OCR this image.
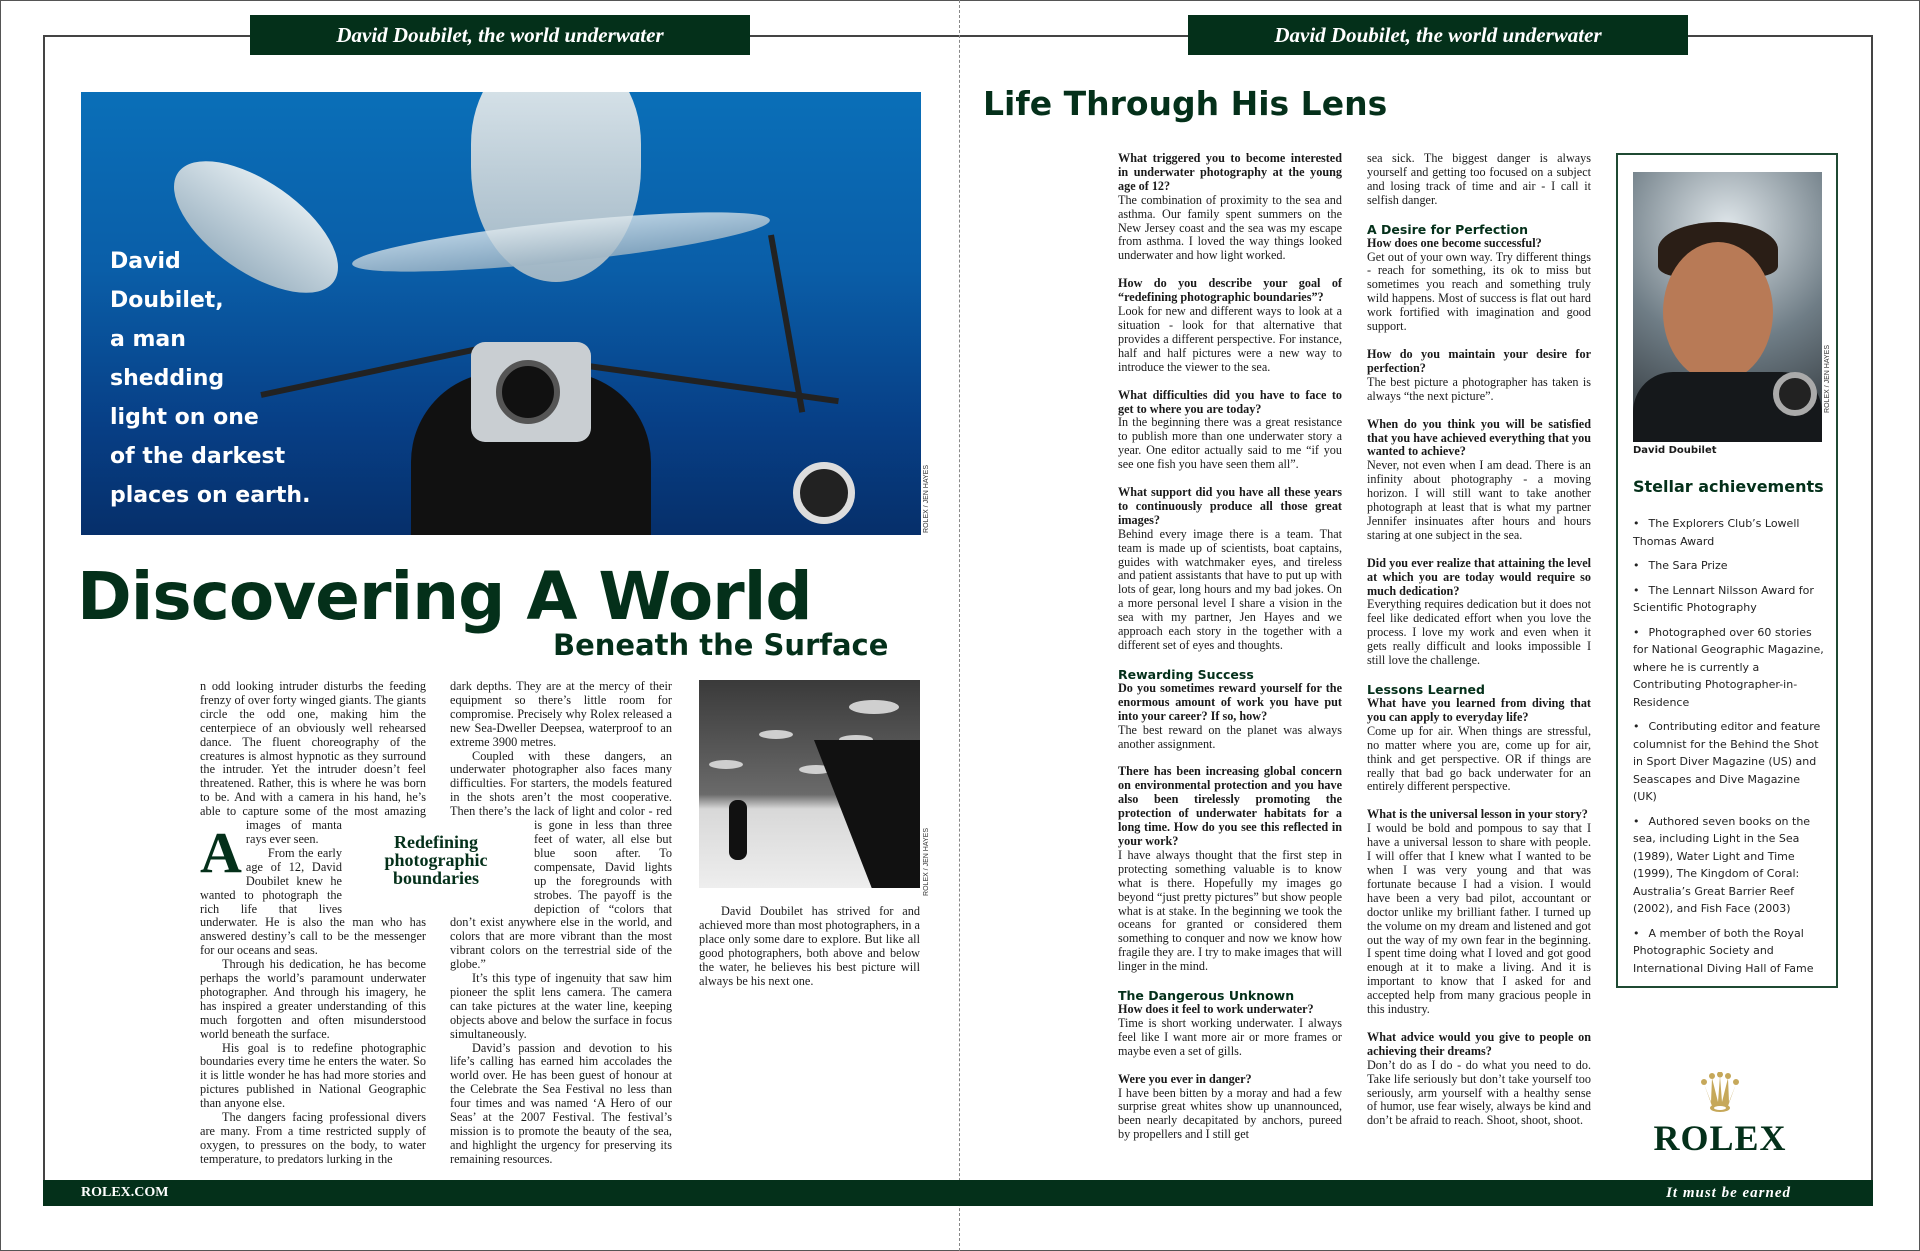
David Doubilet, the world underwater	David Doubilet, the world underwater
David
Doubilet,
a man
shedding
light on one
of the darkest
places on earth.	ROLEX / JEN HAYES
Discovering A World
Beneath the Surface

A
n odd looking intruder disturbs the feeding frenzy of over forty winged giants. The giants circle the odd one, making him the centerpiece of an obviously well rehearsed dance. The fluent choreography of the creatures is almost hypnotic as they surround the intruder. Yet the intruder doesn’t feel threatened. Rather, this is where he was born to be. And with a camera in his hand, he’s able to capture some of the most amazing images of manta rays ever seen.

From the early age of 12, David Doubilet knew he wanted to photograph the rich life that lives underwater. He is also the man who has answered destiny’s call to be the messenger for our oceans and seas.

Through his dedication, he has become perhaps the world’s paramount underwater photographer. And through his imagery, he has inspired a greater understanding of this much forgotten and often misunderstood world beneath the surface.

His goal is to redefine photographic boundaries every time he enters the water. So it is little wonder he has had more stories and pictures published in National Geographic than anyone else.

The dangers facing professional divers are many. From a time restricted supply of oxygen, to pressures on the body, to water temperature, to predators lurking in the

dark depths. They are at the mercy of their equipment so there’s little room for compromise. Precisely why Rolex released a new Sea-Dweller Deepsea, waterproof to an extreme 3900 metres.

Coupled with these dangers, an underwater photographer also faces many difficulties. For starters, the models featured in the shots aren’t the most cooperative. Then there’s the lack of light and color - red is gone in less than three feet of water, all else but blue soon after. To compensate, David lights up the foregrounds with strobes. The payoff is the depiction of “colors that don’t exist anywhere else in the world, and colors that are more vibrant than the most vibrant colors on the terrestrial side of the globe.”

It’s this type of ingenuity that saw him pioneer the split lens camera. The camera can take pictures at the water line, keeping objects above and below the surface in focus simultaneously.

David’s passion and devotion to his life’s calling has earned him accolades the world over. He has been guest of honour at the Celebrate the Sea Festival no less than four times and was named ‘A Hero of our Seas’ at the 2007 Festival. The festival’s mission is to promote the beauty of the sea, and highlight the urgency for preserving its remaining resources.

Redefining photographic boundaries	ROLEX / JEN HAYES

David Doubilet has strived for and achieved more than most photographers, in a place only some dare to explore. But like all good photographers, both above and below the water, he believes his best picture will always be his next one.

Life Through His Lens
What triggered you to become interested in underwater photography at the young age of 12?
The combination of proximity to the sea and asthma. Our family spent summers on the New Jersey coast and the sea was my escape from asthma. I loved the way things looked underwater and how light worked.
How do you describe your goal of “redefining photographic boundaries”?
Look for new and different ways to look at a situation - look for that alternative that provides a different perspective. For instance, half and half pictures were a new way to introduce the viewer to the sea.
What difficulties did you have to face to get to where you are today?
In the beginning there was a great resistance to publish more than one underwater story a year. One editor actually said to me “if you see one fish you have seen them all”.
What support did you have all these years to continuously produce all those great images?
Behind every image there is a team. That team is made up of scientists, boat captains, guides with watchmaker eyes, and tireless and patient assistants that have to put up with lots of gear, long hours and my bad jokes. On a more personal level I share a vision in the sea with my partner, Jen Hayes and we approach each story in the together with a different set of eyes and thoughts.
Rewarding Success
Do you sometimes reward yourself for the enormous amount of work you have put into your career? If so, how?
The best reward on the planet was always another assignment.
There has been increasing global concern on environmental protection and you have also been tirelessly promoting the protection of underwater habitats for a long time. How do you see this reflected in your work?
I have always thought that the first step in protecting something valuable is to know what is there. Hopefully my images go beyond “just pretty pictures” but show people what is at stake. In the beginning we took the oceans for granted or considered them something to conquer and now we know how fragile they are. I try to make images that will linger in the mind.
The Dangerous Unknown
How does it feel to work underwater?
Time is short working underwater. I always feel like I want more air or more frames or maybe even a set of gills.
Were you ever in danger?
I have been bitten by a moray and had a few surprise great whites show up unannounced, been nearly decapitated by anchors, pureed by propellers and I still get
sea sick. The biggest danger is always yourself and getting too focused on a subject and losing track of time and air - I call it selfish danger.
A Desire for Perfection
How does one become successful?
Get out of your own way. Try different things - reach for something, its ok to miss but sometimes you reach and something truly wild happens. Most of success is flat out hard work fortified with imagination and good support.
How do you maintain your desire for perfection?
The best picture a photographer has taken is always “the next picture”.
When do you think you will be satisfied that you have achieved everything that you wanted to achieve?
Never, not even when I am dead. There is an infinity about photography - a moving horizon. I will still want to take another photograph at least that is what my partner Jennifer insinuates after hours and hours staring at one subject in the sea.
Did you ever realize that attaining the level at which you are today would require so much dedication?
Everything requires dedication but it does not feel like dedicated effort when you love the process. I love my work and even when it gets really difficult and looks impossible I still love the challenge.
Lessons Learned
What have you learned from diving that you can apply to everyday life?
Come up for air. When things are stressful, no matter where you are, come up for air, think and get perspective. OR if things are really that bad go back underwater for an entirely different perspective.
What is the universal lesson in your story?
I would be bold and pompous to say that I have a universal lesson to share with people. I will offer that I knew what I wanted to be when I was very young and that was fortunate because I had a vision. I would have been a very bad pilot, accountant or doctor unlike my brilliant father. I turned up the volume on my dream and listened and got out the way of my own fear in the beginning. I spent time doing what I loved and got good enough at it to make a living. And it is important to know that I asked for and accepted help from many gracious people in this industry.
What advice would you give to people on achieving their dreams?
Don’t do as I do - do what you need to do. Take life seriously but don’t take yourself too seriously, arm yourself with a healthy sense of humor, use fear wisely, always be kind and don’t be afraid to reach. Shoot, shoot, shoot.
ROLEX / JEN HAYES
David Doubilet
Stellar achievements
• The Explorers Club’s Lowell Thomas Award
• The Sara Prize
• The Lennart Nilsson Award for Scientific Photography
• Photographed over 60 stories for National Geographic Magazine, where he is currently a Contributing Photographer-in-Residence
• Contributing editor and feature columnist for the Behind the Shot in Sport Diver Magazine (US) and Seascapes and Dive Magazine (UK)
• Authored seven books on the sea, including Light in the Sea (1989), Water Light and Time (1999), The Kingdom of Coral: Australia’s Great Barrier Reef (2002), and Fish Face (2003)
• A member of both the Royal Photographic Society and International Diving Hall of Fame
ROLEX
ROLEX.COM	It must be earned
